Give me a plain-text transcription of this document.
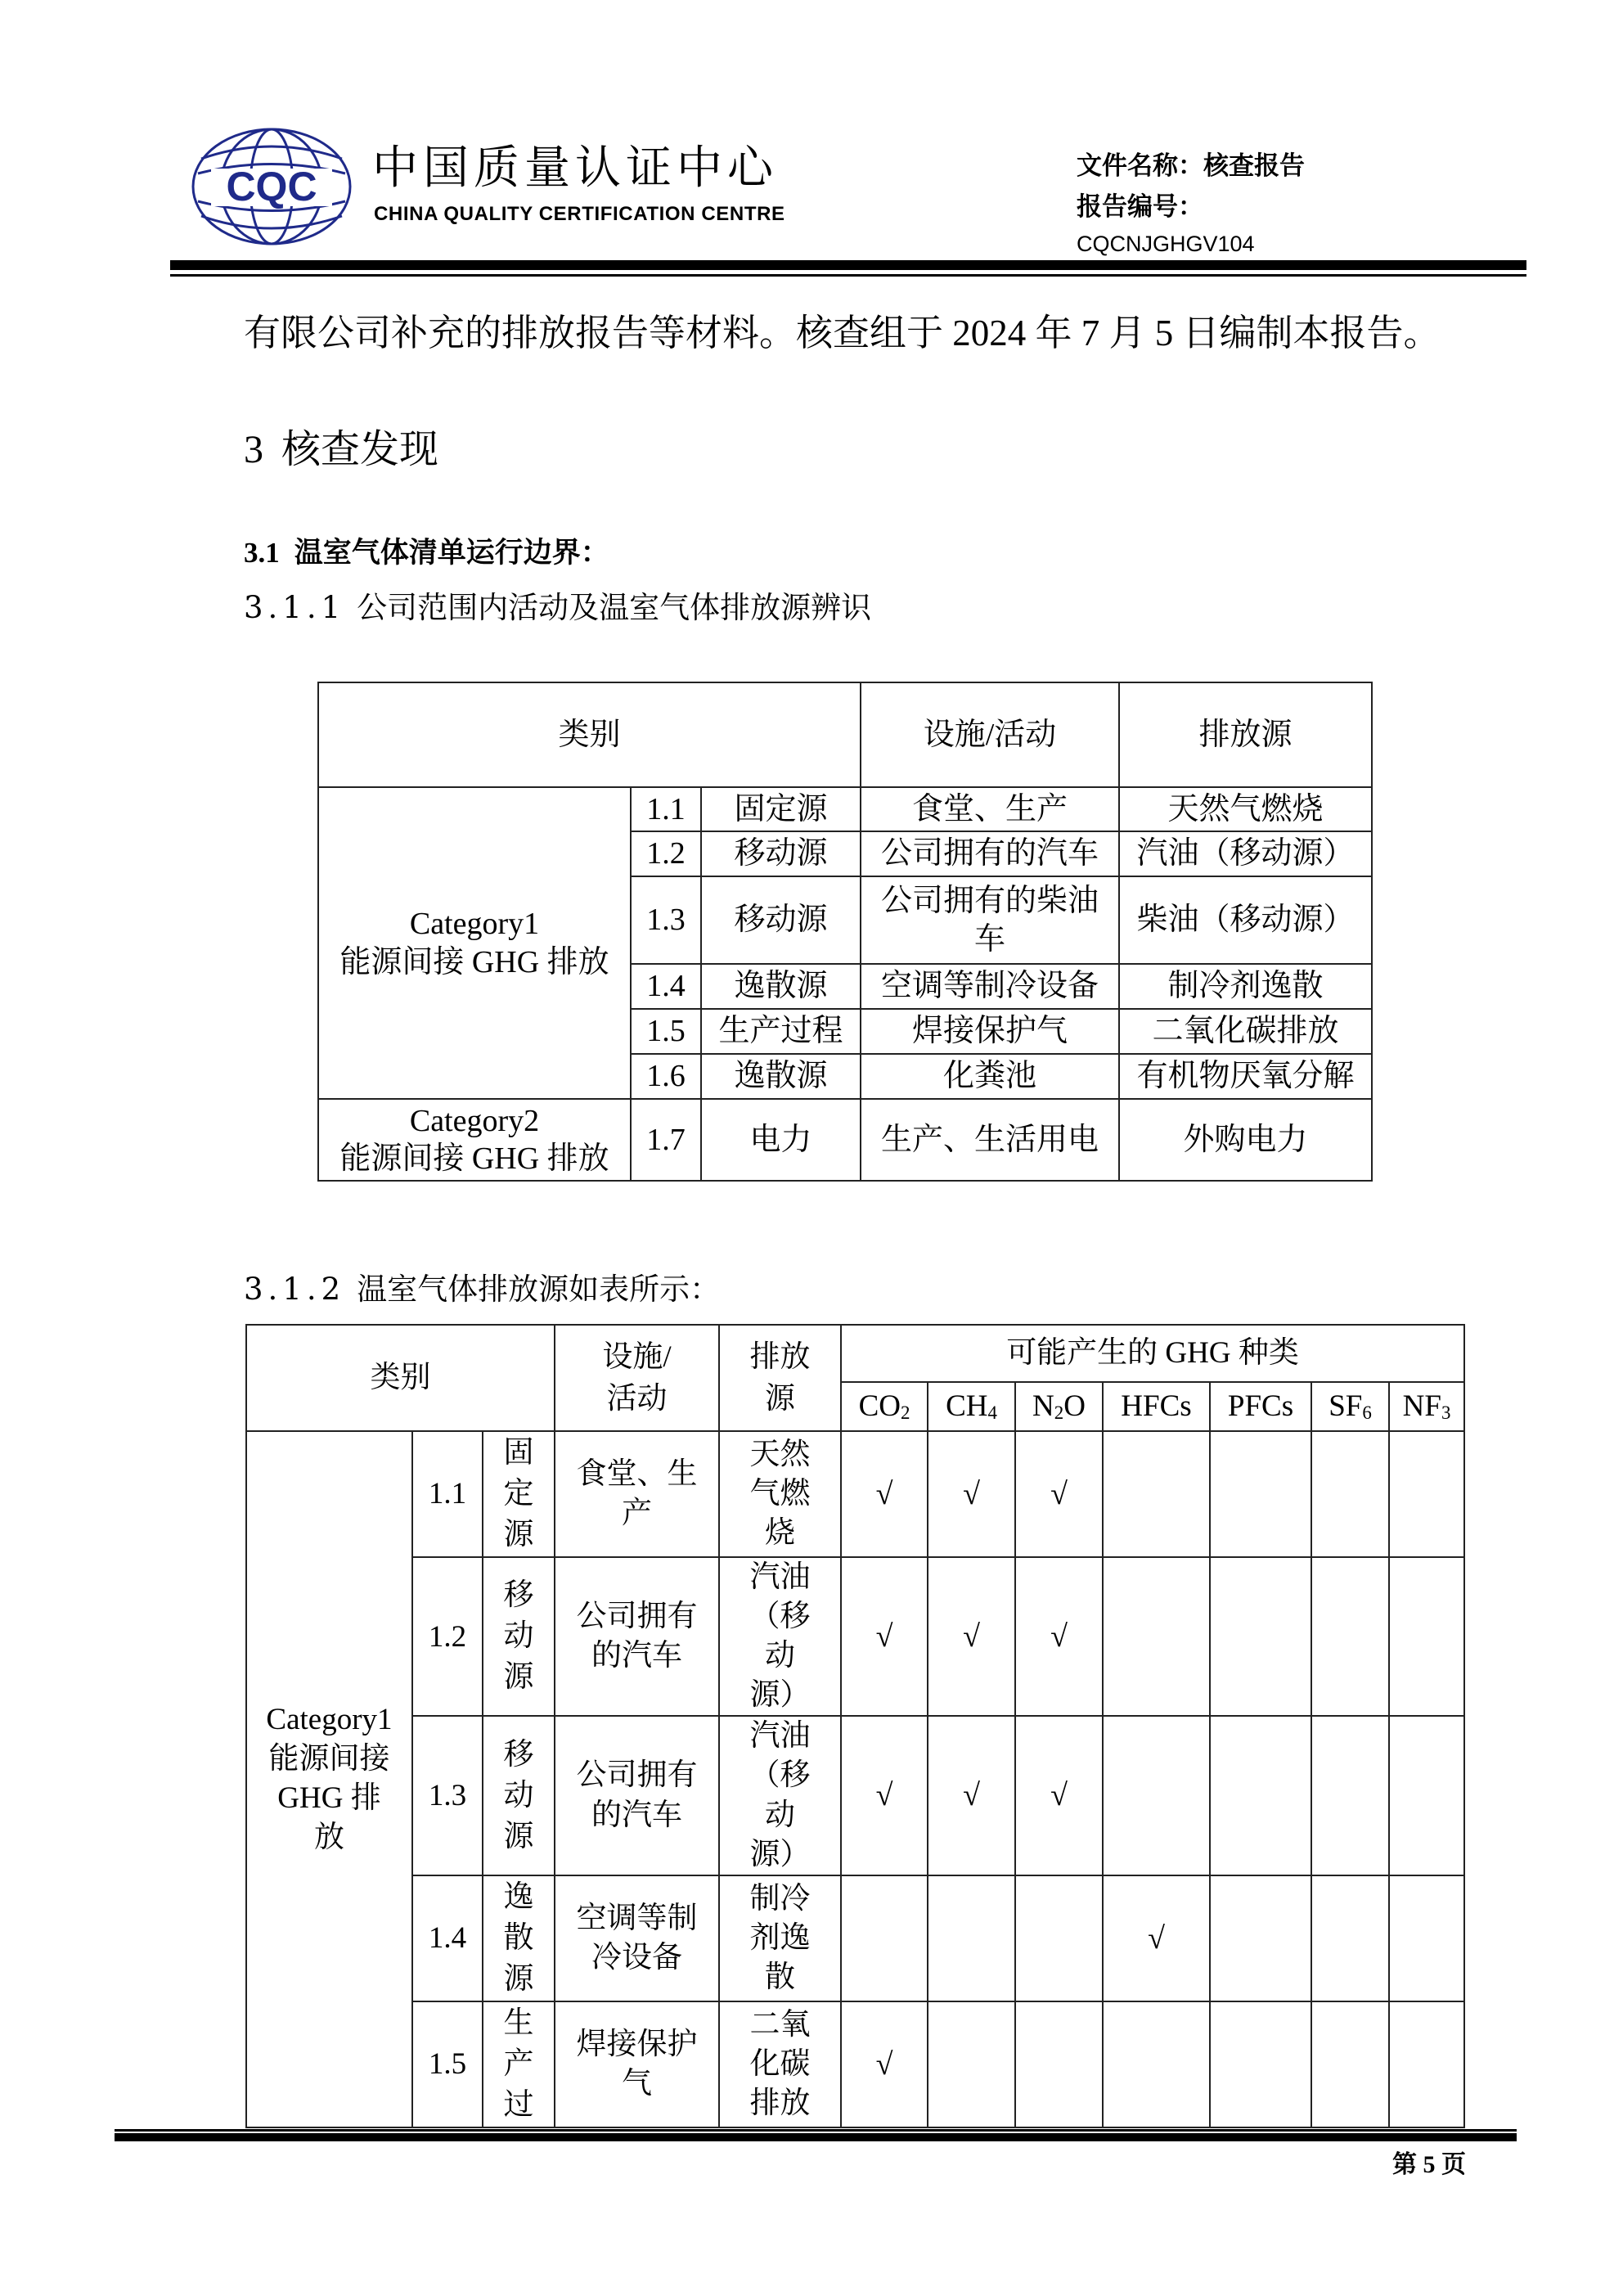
CQC 中国质量认证中心
CHINA QUALITY CERTIFICATION CENTRE
文件名称：核查报告
报告编号：
CQCNJGHGV104
有限公司补充的排放报告等材料。核查组于 2024 年 7 月 5 日编制本报告。
3 核查发现
3.1 温室气体清单运行边界：
3.1.1 公司范围内活动及温室气体排放源辨识
类别			设施/活动	排放源

Category1
能源间接 GHG 排放	1.1	固定源	食堂、生产	天然气燃烧
	1.2	移动源	公司拥有的汽车	汽油（移动源）
	1.3	移动源	公司拥有的柴油车	柴油（移动源）
	1.4	逸散源	空调等制冷设备	制冷剂逸散
	1.5	生产过程	焊接保护气	二氧化碳排放
	1.6	逸散源	化粪池	有机物厌氧分解

Category2
能源间接 GHG 排放	1.7	电力	生产、生活用电	外购电力
3.1.2 温室气体排放源如表所示：
类别			设施/活动	排放源	可能产生的 GHG 种类						
					$CO_2$	$CH_4$	$N_2O$	HFCs	PFCs	$SF_6$	$NF_3$

Category1能源间接 GHG 排放	1.1	固定源	食堂、生产	天然气燃烧	√	√	√				
	1.2	移动源	公司拥有的汽车	汽油（移动源）	√	√	√				
	1.3	移动源	公司拥有的汽车	汽油（移动源）	√	√	√				
	1.4	逸散源	空调等制冷设备	制冷剂逸散				√			
	1.5	生产过	焊接保护气	二氧化碳排放	√						
第 5 页
